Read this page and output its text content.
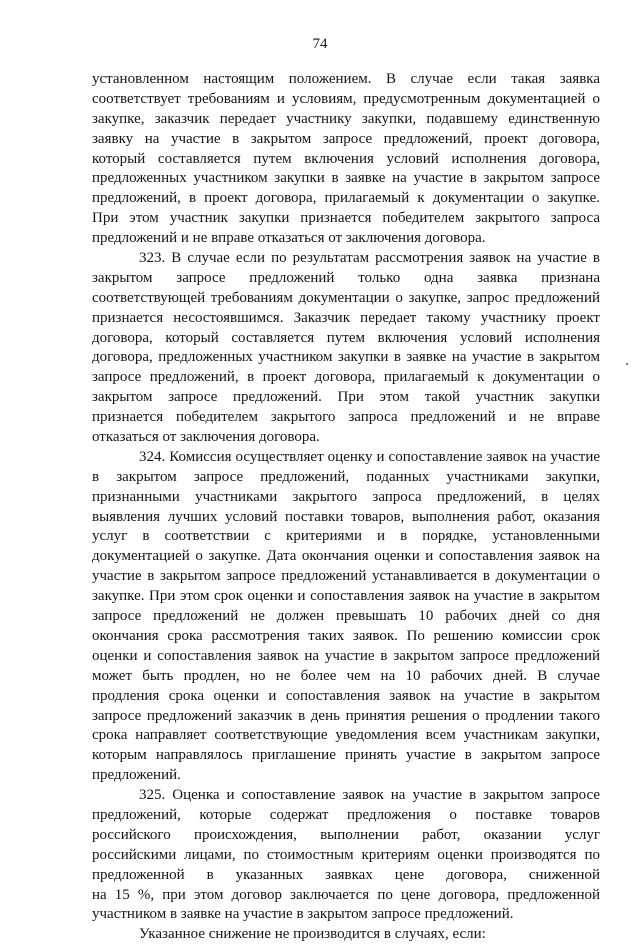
74
установленном настоящим положением. В случае если такая заявка
соответствует требованиям и условиям, предусмотренным документацией о
закупке, заказчик передает участнику закупки, подавшему единственную
заявку на участие в закрытом запросе предложений, проект договора,
который составляется путем включения условий исполнения договора,
предложенных участником закупки в заявке на участие в закрытом запросе
предложений, в проект договора, прилагаемый к документации о закупке.
При этом участник закупки признается победителем закрытого запроса
предложений и не вправе отказаться от заключения договора.
323. В случае если по результатам рассмотрения заявок на участие в
закрытом запросе предложений только одна заявка признана
соответствующей требованиям документации о закупке, запрос предложений
признается несостоявшимся. Заказчик передает такому участнику проект
договора, который составляется путем включения условий исполнения
договора, предложенных участником закупки в заявке на участие в закрытом
запросе предложений, в проект договора, прилагаемый к документации о
закрытом запросе предложений. При этом такой участник закупки
признается победителем закрытого запроса предложений и не вправе
отказаться от заключения договора.
324. Комиссия осуществляет оценку и сопоставление заявок на участие
в закрытом запросе предложений, поданных участниками закупки,
признанными участниками закрытого запроса предложений, в целях
выявления лучших условий поставки товаров, выполнения работ, оказания
услуг в соответствии с критериями и в порядке, установленными
документацией о закупке. Дата окончания оценки и сопоставления заявок на
участие в закрытом запросе предложений устанавливается в документации о
закупке. При этом срок оценки и сопоставления заявок на участие в закрытом
запросе предложений не должен превышать 10 рабочих дней со дня
окончания срока рассмотрения таких заявок. По решению комиссии срок
оценки и сопоставления заявок на участие в закрытом запросе предложений
может быть продлен, но не более чем на 10 рабочих дней. В случае
продления срока оценки и сопоставления заявок на участие в закрытом
запросе предложений заказчик в день принятия решения о продлении такого
срока направляет соответствующие уведомления всем участникам закупки,
которым направлялось приглашение принять участие в закрытом запросе
предложений.
325. Оценка и сопоставление заявок на участие в закрытом запросе
предложений, которые содержат предложения о поставке товаров
российского происхождения, выполнении работ, оказании услуг
российскими лицами, по стоимостным критериям оценки производятся по
предложенной в указанных заявках цене договора, сниженной
на 15 %, при этом договор заключается по цене договора, предложенной
участником в заявке на участие в закрытом запросе предложений.
Указанное снижение не производится в случаях, если:
